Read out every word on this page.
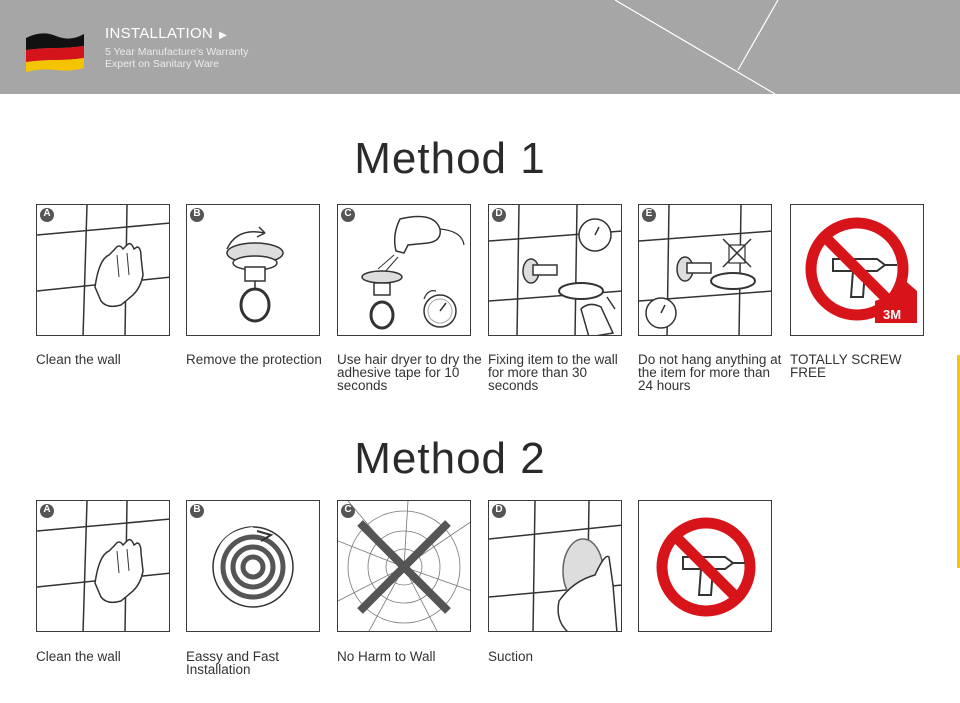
INSTALLATION ▶
5 Year Manufacture's Warranty
Expert on Sanitary Ware
Method 1
A
Clean the wall
B
Remove the protection
C
Use hair dryer to dry the adhesive tape for 10 seconds
D
Fixing item to the wall for more than 30 seconds
E
Do not hang anything at the item for more than 24 hours
3M
TOTALLY SCREW FREE
Method 2
A
Clean the wall
B
Eassy and Fast Installation
C
No Harm to Wall
D
Suction
